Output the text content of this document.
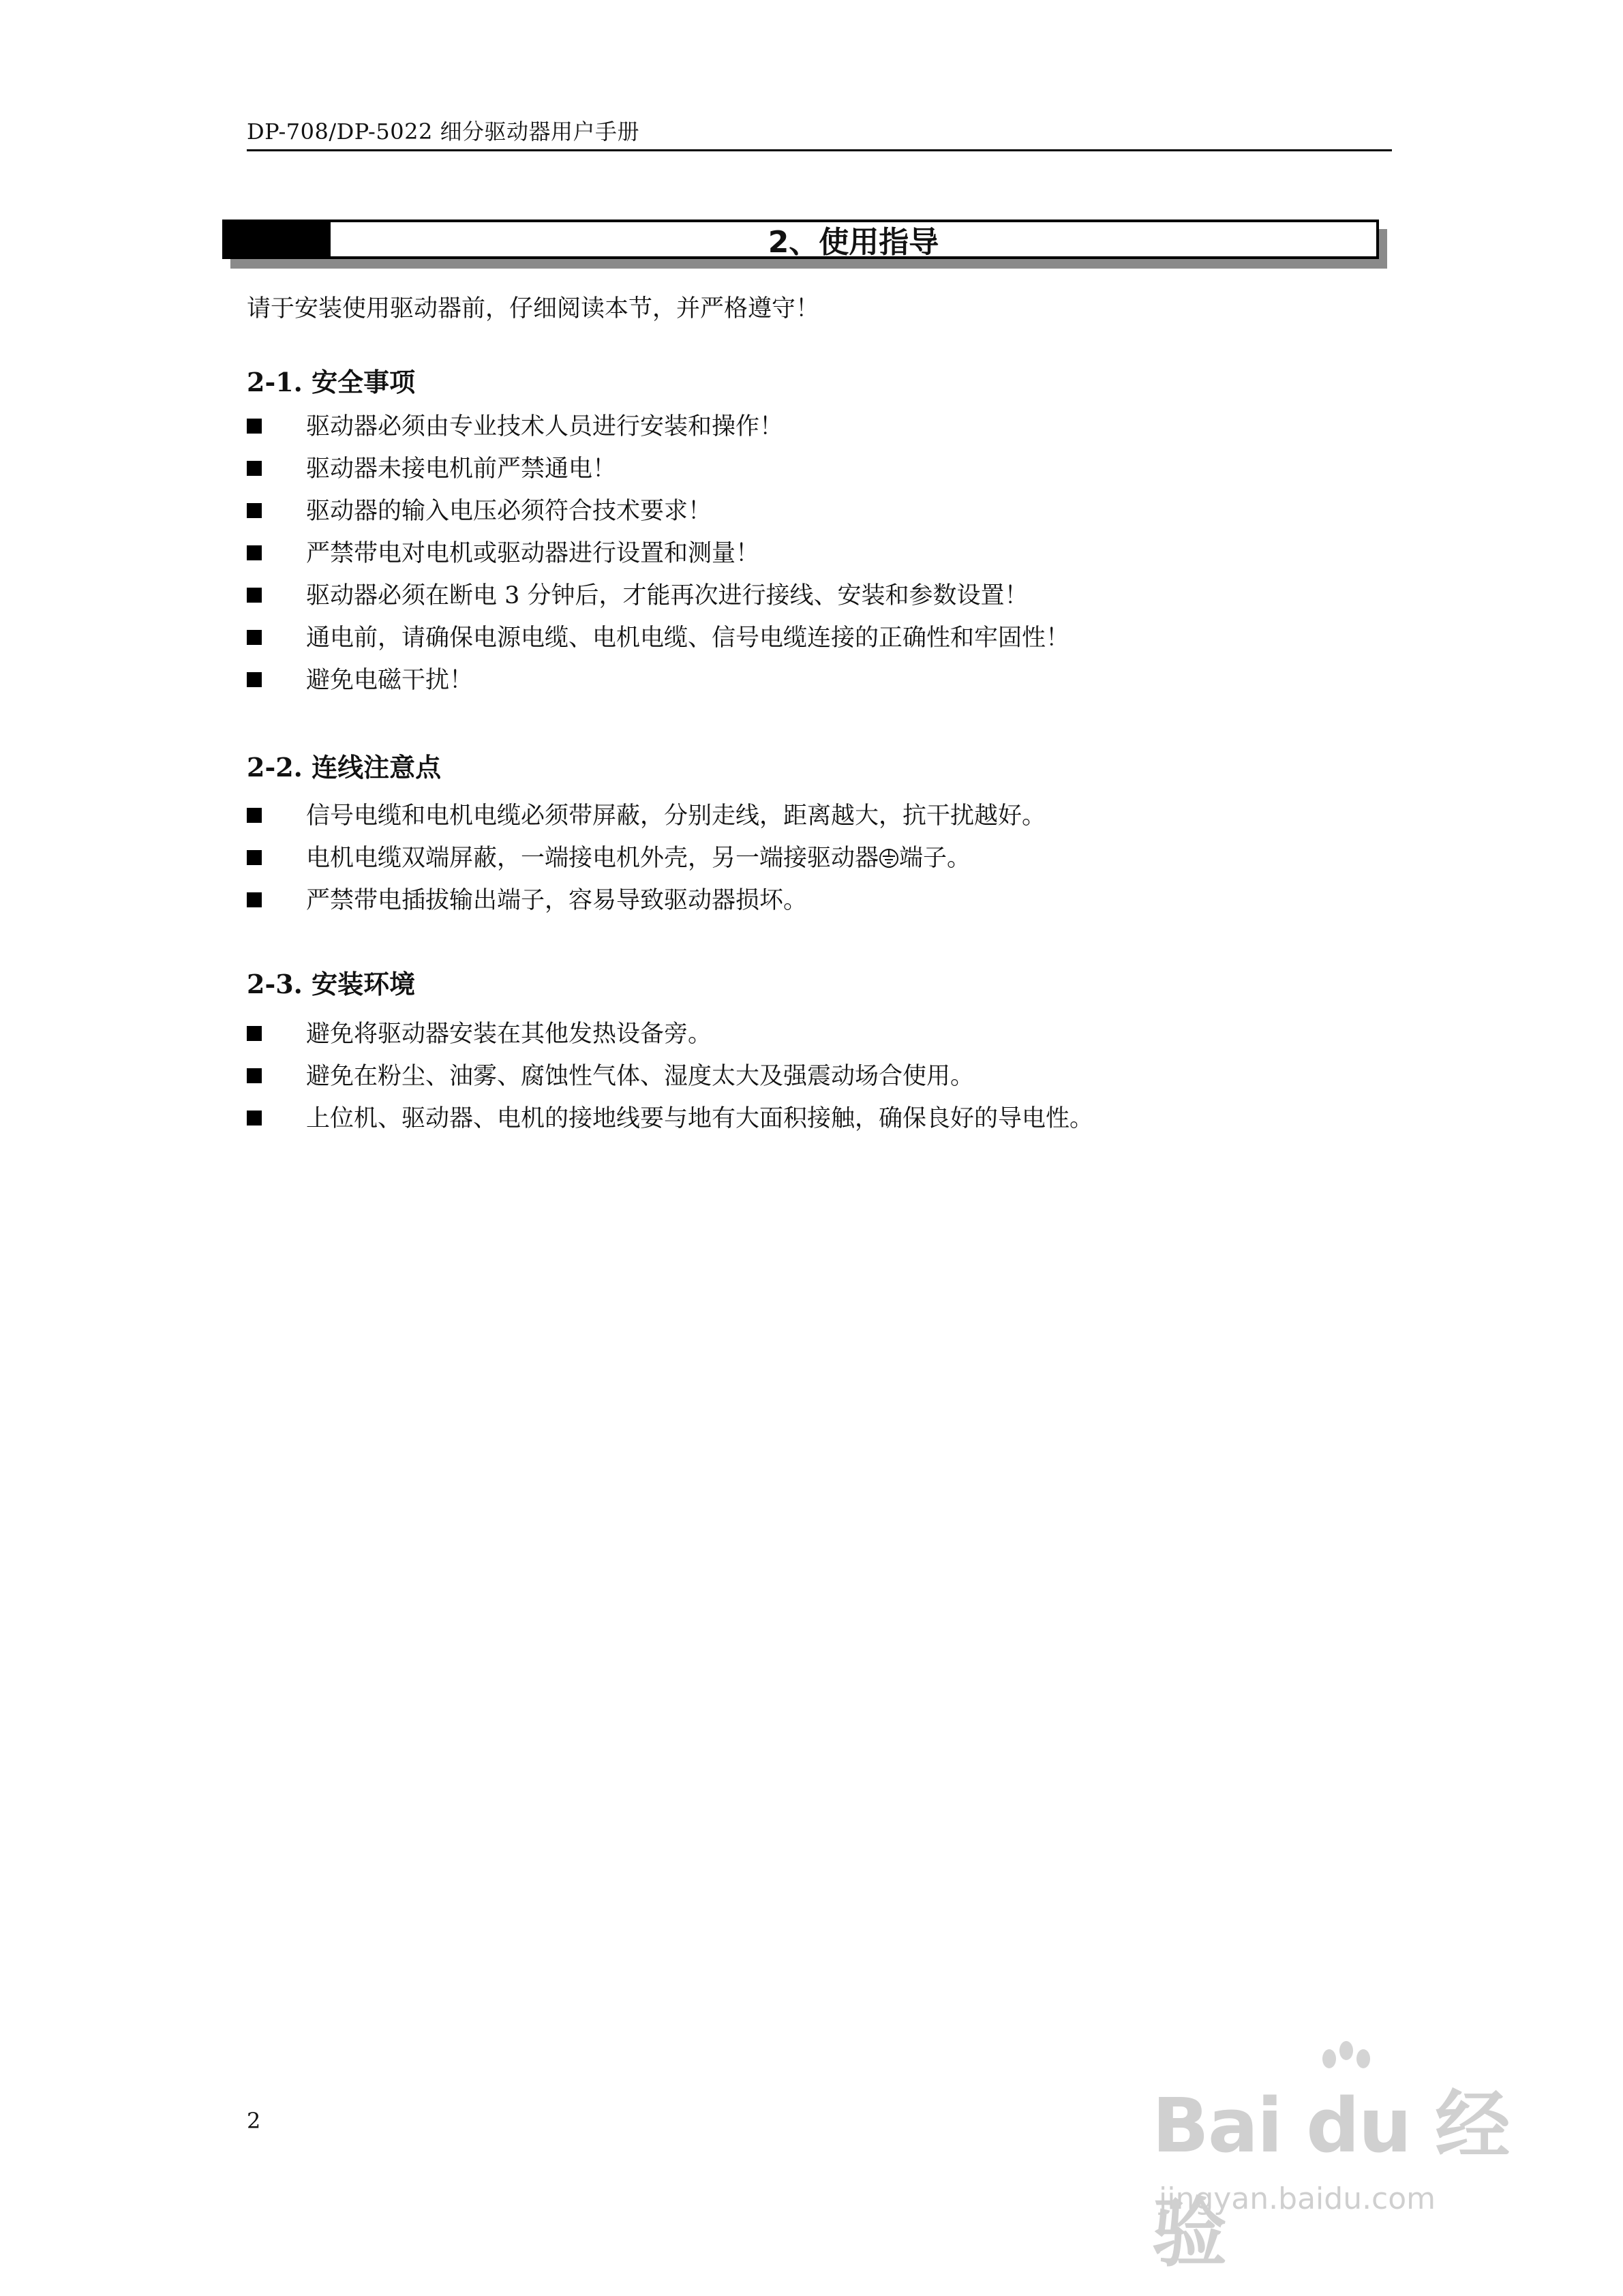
DP-708/DP-5022 细分驱动器用户手册
2、使用指导
请于安装使用驱动器前，仔细阅读本节，并严格遵守！
2-1. 安全事项
驱动器必须由专业技术人员进行安装和操作！
驱动器未接电机前严禁通电！
驱动器的输入电压必须符合技术要求！
严禁带电对电机或驱动器进行设置和测量！
驱动器必须在断电 3 分钟后，才能再次进行接线、安装和参数设置！
通电前，请确保电源电缆、电机电缆、信号电缆连接的正确性和牢固性！
避免电磁干扰！
2-2. 连线注意点
信号电缆和电机电缆必须带屏蔽，分别走线，距离越大，抗干扰越好。
电机电缆双端屏蔽，一端接电机外壳，另一端接驱动器 端子。
严禁带电插拔输出端子，容易导致驱动器损坏。
2-3. 安装环境
避免将驱动器安装在其他发热设备旁。
避免在粉尘、油雾、腐蚀性气体、湿度太大及强震动场合使用。
上位机、驱动器、电机的接地线要与地有大面积接触，确保良好的导电性。
2	Bai du 经验
jingyan.baidu.com
